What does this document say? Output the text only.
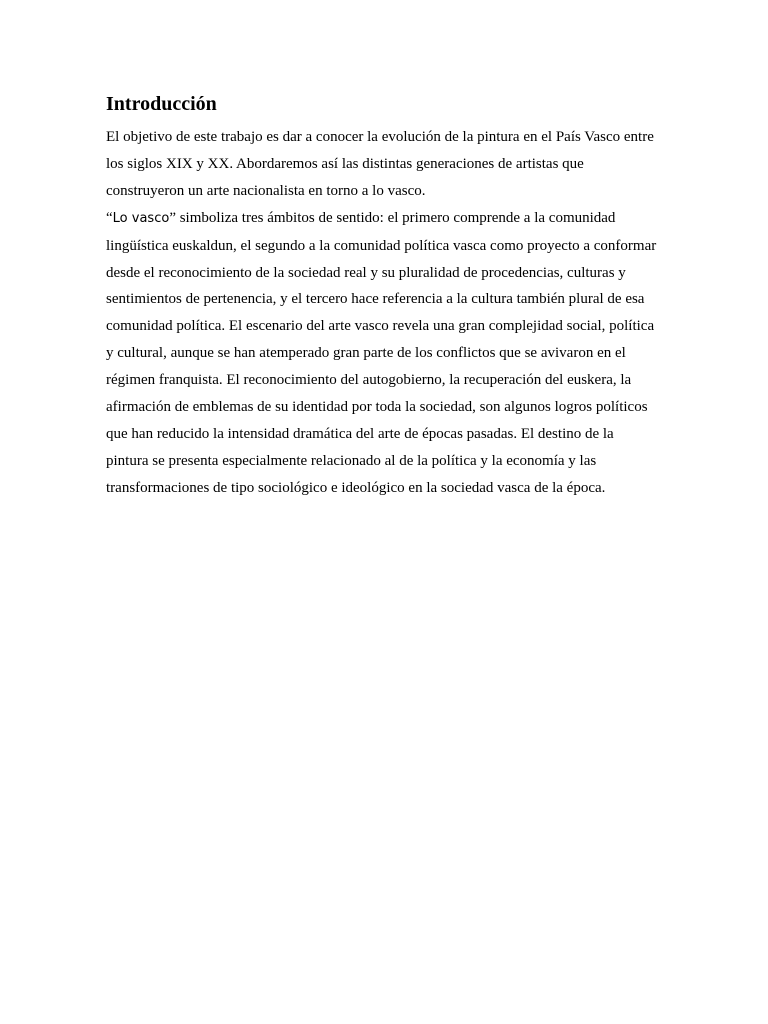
Introducción

El objetivo de este trabajo es dar a conocer la evolución de la pintura en el País Vasco entre

los siglos XIX y XX. Abordaremos así las distintas generaciones de artistas que

construyeron un arte nacionalista en torno a lo vasco.

“Lo vasco” simboliza tres ámbitos de sentido: el primero comprende a la comunidad

lingüística euskaldun, el segundo a la comunidad política vasca como proyecto a conformar

desde el reconocimiento de la sociedad real y su pluralidad de procedencias, culturas y

sentimientos de pertenencia, y el tercero hace referencia a la cultura también plural de esa

comunidad política. El escenario del arte vasco revela una gran complejidad social, política

y cultural, aunque se han atemperado gran parte de los conflictos que se avivaron en el

régimen franquista. El reconocimiento del autogobierno, la recuperación del euskera, la

afirmación de emblemas de su identidad por toda la sociedad, son algunos logros políticos

que han reducido la intensidad dramática del arte de épocas pasadas. El destino de la

pintura se presenta especialmente relacionado al de la política y la economía y las

transformaciones de tipo sociológico e ideológico en la sociedad vasca de la época.
